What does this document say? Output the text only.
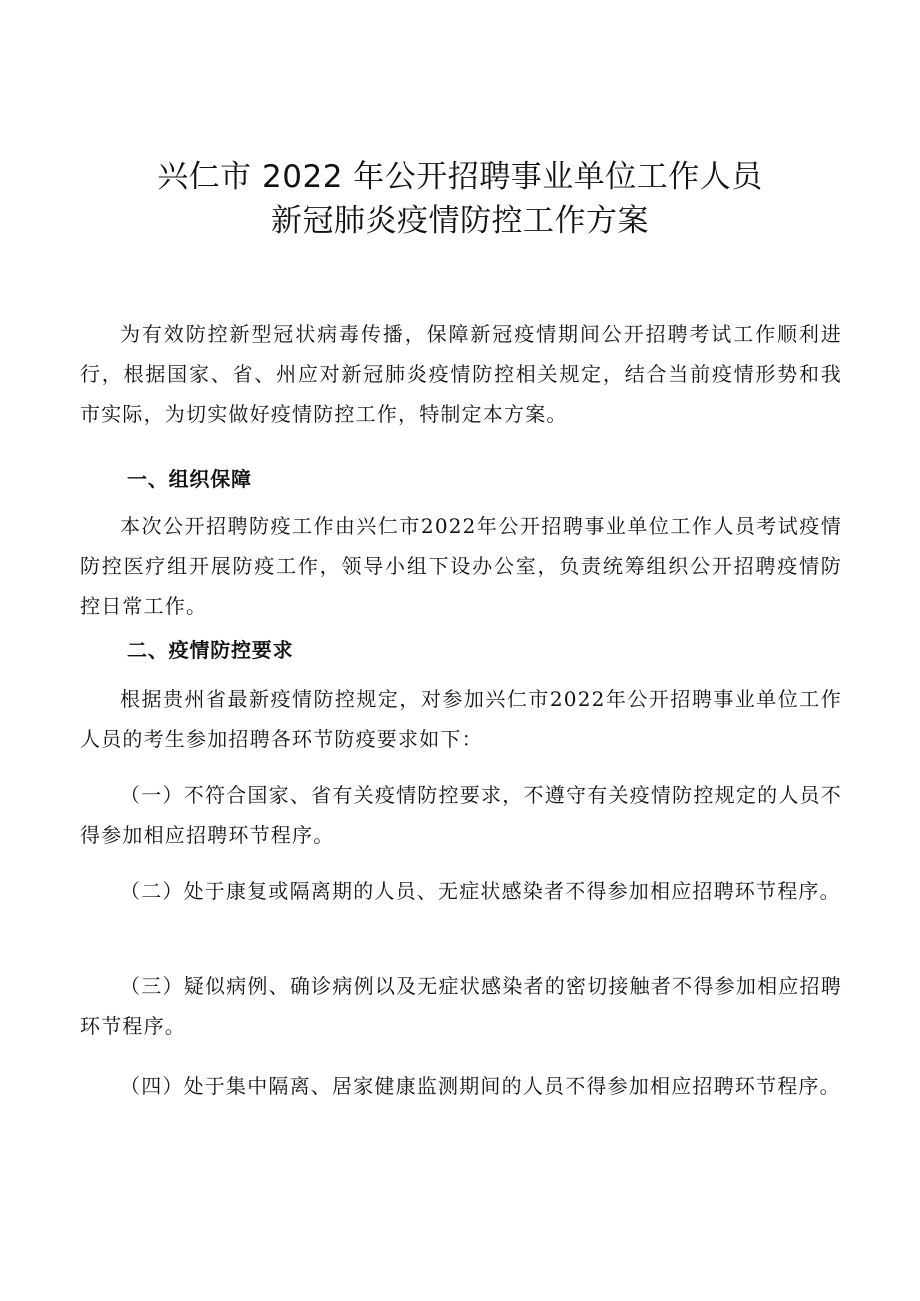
兴仁市 2022 年公开招聘事业单位工作人员
新冠肺炎疫情防控工作方案

为有效防控新型冠状病毒传播，保障新冠疫情期间公开招聘考试工作顺利进行，根据国家、省、州应对新冠肺炎疫情防控相关规定，结合当前疫情形势和我市实际，为切实做好疫情防控工作，特制定本方案。

一、组织保障

本次公开招聘防疫工作由兴仁市2022年公开招聘事业单位工作人员考试疫情防控医疗组开展防疫工作，领导小组下设办公室，负责统筹组织公开招聘疫情防控日常工作。

二、疫情防控要求

根据贵州省最新疫情防控规定，对参加兴仁市2022年公开招聘事业单位工作人员的考生参加招聘各环节防疫要求如下：

（一）不符合国家、省有关疫情防控要求，不遵守有关疫情防控规定的人员不得参加相应招聘环节程序。

（二）处于康复或隔离期的人员、无症状感染者不得参加相应招聘环节程序。

（三）疑似病例、确诊病例以及无症状感染者的密切接触者不得参加相应招聘环节程序。

（四）处于集中隔离、居家健康监测期间的人员不得参加相应招聘环节程序。
